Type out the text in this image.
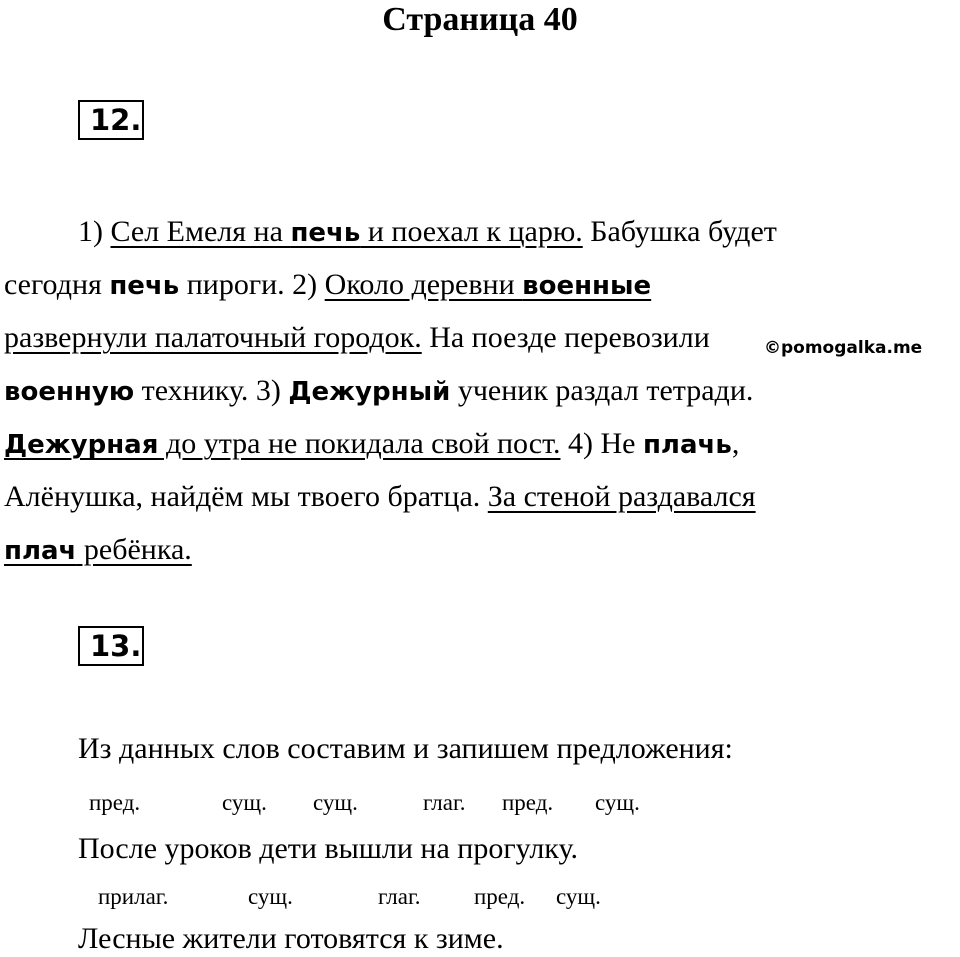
Страница 40
12.
1) Сел Емеля на печь и поехал к царю. Бабушка будет
сегодня печь пироги. 2) Около деревни военные
развернули палаточный городок. На поезде перевозили
военную технику. 3) Дежурный ученик раздал тетради.
Дежурная до утра не покидала свой пост. 4) Не плачь,
Алёнушка, найдём мы твоего братца. За стеной раздавался
плач ребёнка.
©pomogalka.me
13.
Из данных слов составим и запишем предложения:
пред.	сущ. сущ.	глаг. пред. сущ.
После уроков дети вышли на прогулку.
прилаг.	сущ.	глаг. пред. сущ.
Лесные жители готовятся к зиме.
